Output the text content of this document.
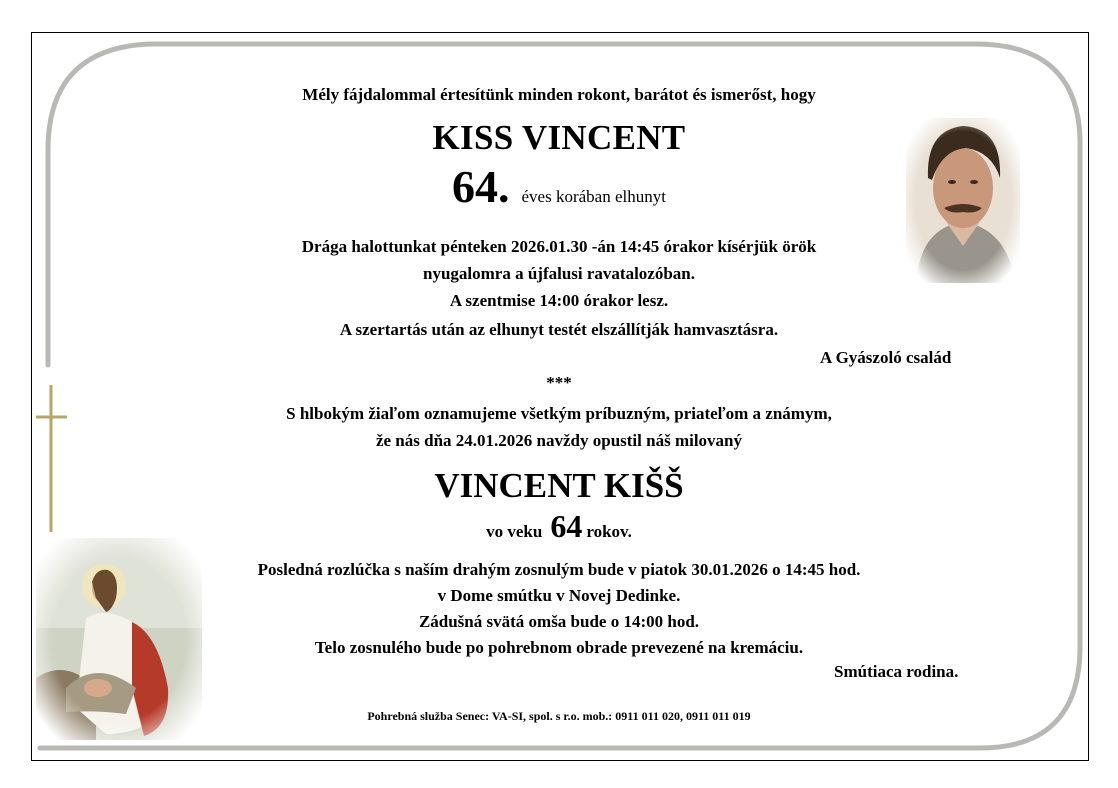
Mély fájdalommal értesítünk minden rokont, barátot és ismerőst, hogy
KISS VINCENT
64. éves korában elhunyt
Drága halottunkat pénteken 2026.01.30 -án 14:45 órakor kísérjük örök
nyugalomra a újfalusi ravatalozóban.
A szentmise 14:00 órakor lesz.
A szertartás után az elhunyt testét elszállítják hamvasztásra.
A Gyászoló család
***
S hlbokým žiaľom oznamujeme všetkým príbuzným, priateľom a známym,
že nás dňa 24.01.2026 navždy opustil náš milovaný
VINCENT KIŠŠ
vo veku 64 rokov.
Posledná rozlúčka s naším drahým zosnulým bude v piatok 30.01.2026 o 14:45 hod.
v Dome smútku v Novej Dedinke.
Zádušná svätá omša bude o 14:00 hod.
Telo zosnulého bude po pohrebnom obrade prevezené na kremáciu.
Smútiaca rodina.
Pohrebná služba Senec: VA-SI, spol. s r.o. mob.: 0911 011 020, 0911 011 019
